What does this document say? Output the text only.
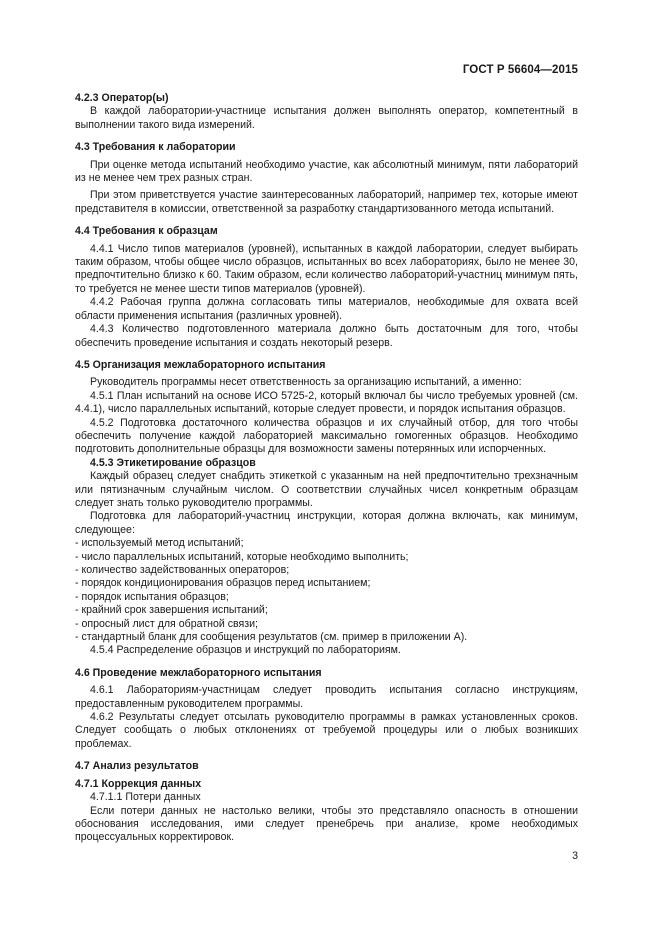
ГОСТ Р 56604—2015

4.2.3 Оператор(ы)

В каждой лаборатории-участнице испытания должен выполнять оператор, компетентный в выполнении такого вида измерений.

4.3 Требования к лаборатории

При оценке метода испытаний необходимо участие, как абсолютный минимум, пяти лабораторий из не менее чем трех разных стран.

При этом приветствуется участие заинтересованных лабораторий, например тех, которые имеют представителя в комиссии, ответственной за разработку стандартизованного метода испытаний.

4.4 Требования к образцам

4.4.1 Число типов материалов (уровней), испытанных в каждой лаборатории, следует выбирать таким образом, чтобы общее число образцов, испытанных во всех лабораториях, было не менее 30, предпочтительно близко к 60. Таким образом, если количество лабораторий-участниц минимум пять, то требуется не менее шести типов материалов (уровней).

4.4.2 Рабочая группа должна согласовать типы материалов, необходимые для охвата всей области применения испытания (различных уровней).

4.4.3 Количество подготовленного материала должно быть достаточным для того, чтобы обеспечить проведение испытания и создать некоторый резерв.

4.5 Организация межлабораторного испытания

Руководитель программы несет ответственность за организацию испытаний, а именно:

4.5.1 План испытаний на основе ИСО 5725-2, который включал бы число требуемых уровней (см. 4.4.1), число параллельных испытаний, которые следует провести, и порядок испытания образцов.

4.5.2 Подготовка достаточного количества образцов и их случайный отбор, для того чтобы обеспечить получение каждой лабораторией максимально гомогенных образцов. Необходимо подготовить дополнительные образцы для возможности замены потерянных или испорченных.

4.5.3 Этикетирование образцов

Каждый образец следует снабдить этикеткой с указанным на ней предпочтительно трехзначным или пятизначным случайным числом. О соответствии случайных чисел конкретным образцам следует знать только руководителю программы.

Подготовка для лабораторий-участниц инструкции, которая должна включать, как минимум, следующее:

- используемый метод испытаний;

- число параллельных испытаний, которые необходимо выполнить;

- количество задействованных операторов;

- порядок кондиционирования образцов перед испытанием;

- порядок испытания образцов;

- крайний срок завершения испытаний;

- опросный лист для обратной связи;

- стандартный бланк для сообщения результатов (см. пример в приложении А).

4.5.4 Распределение образцов и инструкций по лабораториям.

4.6 Проведение межлабораторного испытания

4.6.1 Лабораториям-участницам следует проводить испытания согласно инструкциям, предоставленным руководителем программы.

4.6.2 Результаты следует отсылать руководителю программы в рамках установленных сроков. Следует сообщать о любых отклонениях от требуемой процедуры или о любых возникших проблемах.

4.7 Анализ результатов

4.7.1 Коррекция данных

4.7.1.1 Потери данных

Если потери данных не настолько велики, чтобы это представляло опасность в отношении обоснования исследования, ими следует пренебречь при анализе, кроме необходимых процессуальных корректировок.

3
